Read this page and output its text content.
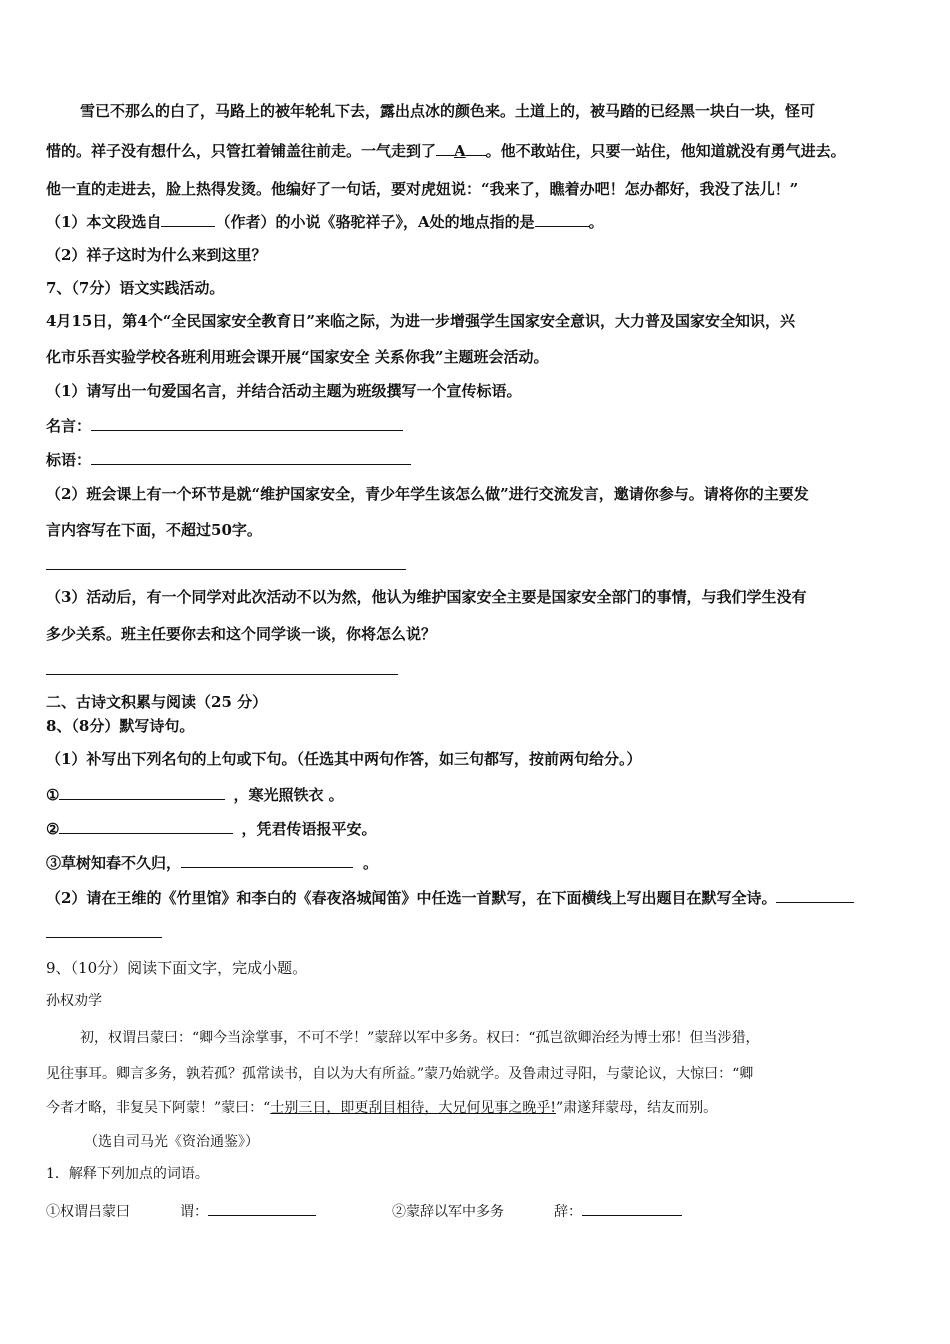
雪已不那么的白了，马路上的被年轮轧下去，露出点冰的颜色来。土道上的，被马踏的已经黑一块白一块，怪可
惜的。祥子没有想什么，只管扛着铺盖往前走。一气走到了 A 。他不敢站住，只要一站住，他知道就没有勇气进去。
他一直的走进去，脸上热得发烫。他编好了一句话，要对虎妞说：“我来了，瞧着办吧！怎办都好，我没了法儿！”
（1）本文段选自	（作者）的小说《骆驼祥子》，A处的地点指的是	。
（2）祥子这时为什么来到这里？
7、（7分）语文实践活动。
4月15日，第4个“全民国家安全教育日”来临之际，为进一步增强学生国家安全意识，大力普及国家安全知识，兴
化市乐吾实验学校各班利用班会课开展“国家安全 关系你我”主题班会活动。
（1）请写出一句爱国名言，并结合活动主题为班级撰写一个宣传标语。
名言：
标语：
（2）班会课上有一个环节是就“维护国家安全，青少年学生该怎么做”进行交流发言，邀请你参与。请将你的主要发
言内容写在下面，不超过50字。
（3）活动后，有一个同学对此次活动不以为然，他认为维护国家安全主要是国家安全部门的事情，与我们学生没有
多少关系。班主任要你去和这个同学谈一谈，你将怎么说？
二、古诗文积累与阅读（25 分）
8、（8分）默写诗句。
（1）补写出下列名句的上句或下句。（任选其中两句作答，如三句都写，按前两句给分。）
①	，寒光照铁衣 。
②	，凭君传语报平安。
③草树知春不久归，	。
（2）请在王维的《竹里馆》和李白的《春夜洛城闻笛》中任选一首默写，在下面横线上写出题目在默写全诗。
9、（10分）阅读下面文字，完成小题。
孙权劝学
初，权谓吕蒙曰：“卿今当涂掌事，不可不学！”蒙辞以军中多务。权曰：“孤岂欲卿治经为博士邪！但当涉猎，
见往事耳。卿言多务，孰若孤？孤常读书，自以为大有所益。”蒙乃始就学。及鲁肃过寻阳，与蒙论议，大惊曰：“卿
今者才略，非复吴下阿蒙！”蒙曰：“士别三日，即更刮目相待，大兄何见事之晚乎!”肃遂拜蒙母，结友而别。
（选自司马光《资治通鉴》）
1．解释下列加点的词语。
①权谓吕蒙曰	谓：	②蒙辞以军中多务	辞：
